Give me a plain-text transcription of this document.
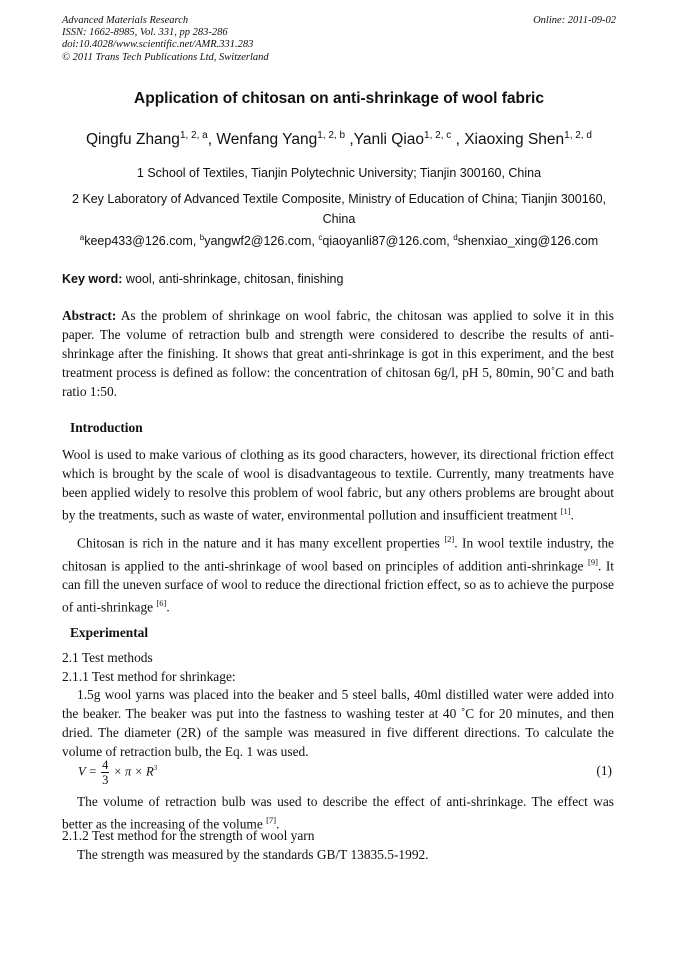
Advanced Materials Research
ISSN: 1662-8985, Vol. 331, pp 283-286
doi:10.4028/www.scientific.net/AMR.331.283
© 2011 Trans Tech Publications Ltd, Switzerland
Online: 2011-09-02
Application of chitosan on anti-shrinkage of wool fabric
Qingfu Zhang$^{1, 2, a}$, Wenfang Yang$^{1, 2, b}$ ,Yanli Qiao$^{1, 2, c}$ , Xiaoxing Shen$^{1, 2, d}$
1 School of Textiles, Tianjin Polytechnic University; Tianjin 300160, China
2 Key Laboratory of Advanced Textile Composite, Ministry of Education of China; Tianjin 300160, China
$^a$keep433@126.com, $^b$yangwf2@126.com, $^c$qiaoyanli87@126.com, $^d$shenxiao_xing@126.com
Key word: wool, anti-shrinkage, chitosan, finishing
Abstract: As the problem of shrinkage on wool fabric, the chitosan was applied to solve it in this paper. The volume of retraction bulb and strength were considered to describe the results of anti-shrinkage after the finishing. It shows that great anti-shrinkage is got in this experiment, and the best treatment process is defined as follow: the concentration of chitosan 6g/l, pH 5, 80min, 90˚C and bath ratio 1:50.
Introduction
Wool is used to make various of clothing as its good characters, however, its directional friction effect which is brought by the scale of wool is disadvantageous to textile. Currently, many treatments have been applied widely to resolve this problem of wool fabric, but any others problems are brought about by the treatments, such as waste of water, environmental pollution and insufficient treatment [1].
Chitosan is rich in the nature and it has many excellent properties [2]. In wool textile industry, the chitosan is applied to the anti-shrinkage of wool based on principles of addition anti-shrinkage [9]. It can fill the uneven surface of wool to reduce the directional friction effect, so as to achieve the purpose of anti-shrinkage [6].
Experimental
2.1 Test methods
2.1.1 Test method for shrinkage:
1.5g wool yarns was placed into the beaker and 5 steel balls, 40ml distilled water were added into the beaker. The beaker was put into the fastness to washing tester at 40 ˚C for 20 minutes, and then dried. The diameter (2R) of the sample was measured in five different directions. To calculate the volume of retraction bulb, the Eq. 1 was used.
$V = \frac{4}{3} \times \pi \times R^3$	(1)
The volume of retraction bulb was used to describe the effect of anti-shrinkage. The effect was better as the increasing of the volume [7].
2.1.2 Test method for the strength of wool yarn
The strength was measured by the standards GB/T 13835.5-1992.
